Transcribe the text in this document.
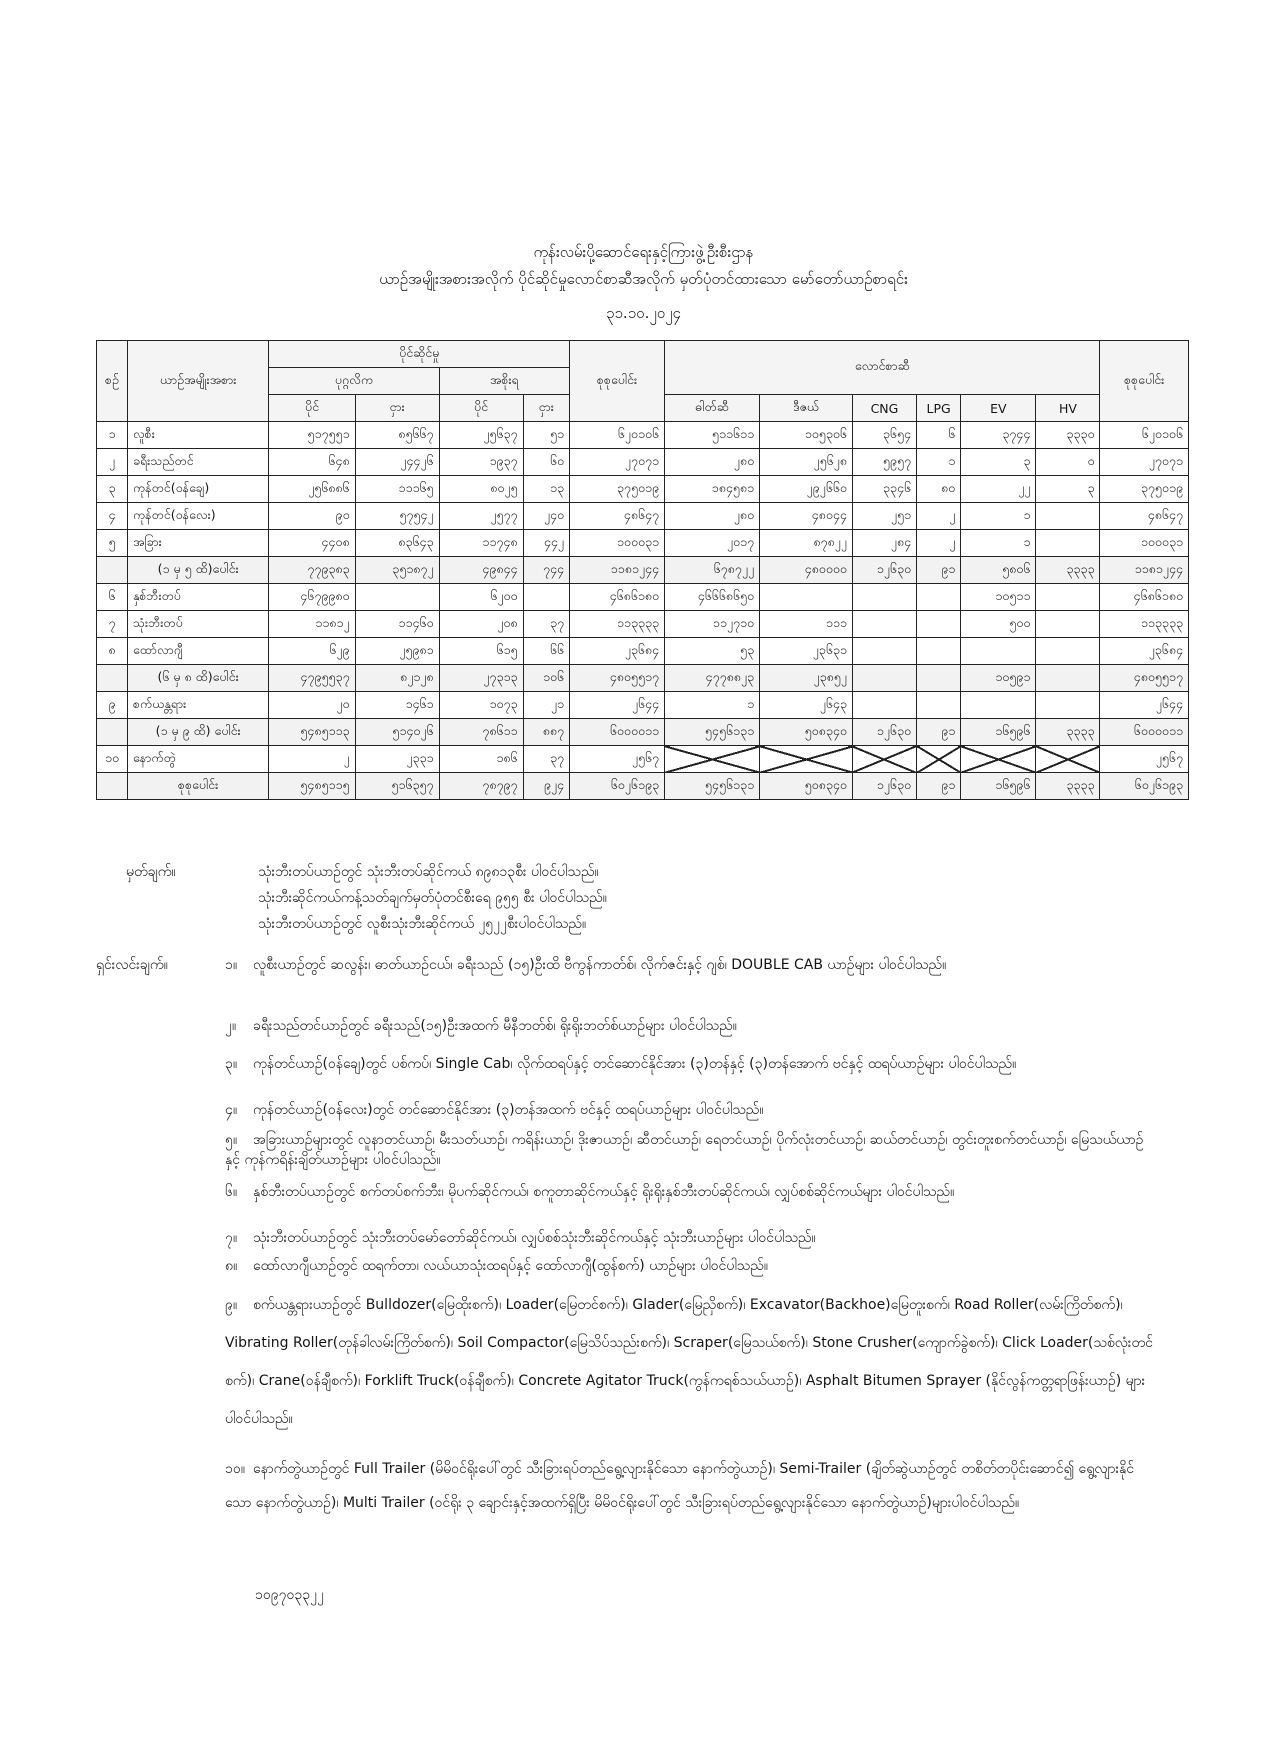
ကုန်းလမ်းပို့ဆောင်ရေးနှင့်ကြားဖွဲ့ဦးစီးဌာန
ယာဉ်အမျိုးအစားအလိုက် ပိုင်ဆိုင်မှုလောင်စာဆီအလိုက် မှတ်ပုံတင်ထားသော မော်တော်ယာဉ်စာရင်း
၃၁.၁၀.၂၀၂၄
စဉ်	ယာဉ်အမျိုးအစား	ပိုင်ဆိုင်မှု				စုစုပေါင်း	လောင်စာဆီ						စုစုပေါင်း
		ပုဂ္ဂလိက		အစိုးရ									
		ပိုင်	ငှား	ပိုင်	ငှား		ဓါတ်ဆီ	ဒီဇယ်	CNG	LPG	EV	HV	
၁	လူစီး	၅၁၇၅၅၁	၈၅၆၆၇	၂၅၆၃၇	၅၁	၆၂၀၁၀၆	၅၁၁၆၁၁	၁၀၅၃၀၆	၃၆၅၄	၆	၃၇၄၄	၃၃၃၀	၆၂၀၁၀၆
၂	ခရီးသည်တင်	၆၄၈	၂၄၄၂၆	၁၉၃၇	၆၀	၂၇၀၇၁	၂၈၀	၂၅၆၂၈	၅၉၅၇	၁	၃	၀	၂၇၀၇၁
၃	ကုန်တင်(ဝန်ချေ)	၂၅၆၈၈၆	၁၁၁၆၅	၈၀၂၅	၁၃	၃၇၅၀၁၉	၁၈၄၅၈၁	၂၉၂၆၆၀	၃၃၄၆	၈၀	၂၂	၃	၃၇၅၀၁၉
၄	ကုန်တင်(ဝန်လေး)	၉၀	၅၇၅၄၂	၂၅၇၇	၂၄၀	၄၈၆၄၇	၂၈၀	၄၈၀၄၄	၂၅၁	၂	၁		၄၈၆၄၇
၅	အခြား	၄၄၀၈	၈၃၆၄၃	၁၁၇၄၈	၄၄၂	၁၀၀၀၃၁	၂၀၁၇	၈၇၈၂၂	၂၈၄	၂	၁		၁၀၀၀၃၁
	(၁ မှ ၅ ထိ)ပေါင်း	၇၇၉၃၈၃	၃၅၁၈၇၂	၄၉၈၄၄	၇၄၄	၁၁၈၁၂၄၄	၆၇၈၇၂၂	၄၈၀၀၀၀	၁၂၆၃၀	၉၁	၅၈၀၆	၃၃၃၃	၁၁၈၁၂၄၄
၆	နှစ်ဘီးတပ်	၄၆၇၉၉၈၀		၆၂၀၀		၄၆၈၆၁၈၀	၄၆၆၆၈၆၅၀				၁၀၅၁၁		၄၆၈၆၁၈၀
၇	သုံးဘီးတပ်	၁၁၈၁၂	၁၁၄၆၀	၂၀၈	၃၇	၁၁၃၃၃၃	၁၁၂၇၁၀	၁၁၁			၅၀၀		၁၁၃၃၃၃
၈	ထော်လာဂျီ	၆၂၉	၂၅၉၈၁	၆၁၅	၆၆	၂၃၆၈၄	၅၃	၂၃၆၃၁					၂၃၆၈၄
	(၆ မှ ၈ ထိ)ပေါင်း	၄၇၉၅၅၃၇	၈၂၁၂၈	၂၇၃၁၃	၁၀၆	၄၈၀၅၅၁၇	၄၇၇၈၈၂၃	၂၃၈၅၂			၁၀၅၉၁		၄၈၀၅၅၁၇
၉	စက်ယန္တရား	၂၀	၁၄၆၁	၁၀၇၃	၂၁	၂၆၄၄	၁	၂၆၄၃					၂၆၄၄
	(၁ မှ ၉ ထိ) ပေါင်း	၅၄၈၅၁၁၃	၅၁၄၀၂၆	၇၈၆၁၁	၈၈၇	၆၀၀၀၀၁၁	၅၄၅၆၁၃၁	၅၀၈၃၄၀	၁၂၆၃၀	၉၁	၁၆၅၉၆	၃၃၃၃	၆၀၀၀၀၁၁
၁၀	နောက်တွဲ	၂	၂၃၃၁	၁၈၆	၃၇	၂၅၆၇							၂၅၆၇
	စုစုပေါင်း	၅၄၈၅၁၁၅	၅၁၆၃၅၇	၇၈၇၉၇	၉၂၄	၆၀၂၆၁၉၃	၅၄၅၆၁၃၁	၅၀၈၃၄၀	၁၂၆၃၀	၉၁	၁၆၅၉၆	၃၃၃၃	၆၀၂၆၁၉၃
မှတ်ချက်။	သုံးဘီးတပ်ယာဉ်တွင် သုံးဘီးတပ်ဆိုင်ကယ် ၈၉၈၁၃စီး ပါဝင်ပါသည်။
သုံးဘီးဆိုင်ကယ်ကန့်သတ်ချက်မှတ်ပုံတင်စီးရေ ၉၅၅ စီး ပါဝင်ပါသည်။
သုံးဘီးတပ်ယာဉ်တွင် လူစီးသုံးဘီးဆိုင်ကယ် ၂၅၂၂စီးပါဝင်ပါသည်။
ရှင်းလင်းချက်။	၁။ လူစီးယာဉ်တွင် ဆလွန်း၊ ဓာတ်ယာဉ်ငယ်၊ ခရီးသည် (၁၅)ဦးထိ ဗီကွန်ကာတ်စ်၊ လိုက်ဇင်းနှင့် ဂျစ်၊ DOUBLE CAB ယာဉ်များ ပါဝင်ပါသည်။
၂။ ခရီးသည်တင်ယာဉ်တွင် ခရီးသည်(၁၅)ဦးအထက် မီနီဘတ်စ်၊ ရိုးရိုးဘတ်စ်ယာဉ်များ ပါဝင်ပါသည်။
၃။ ကုန်တင်ယာဉ်(ဝန်ချေ)တွင် ပစ်ကပ်၊ Single Cab၊ လိုက်ထရပ်နှင့် တင်ဆောင်နိုင်အား (၃)တန်နှင့် (၃)တန်အောက် ဗင်နှင့် ထရပ်ယာဉ်များ ပါဝင်ပါသည်။
၄။ ကုန်တင်ယာဉ်(ဝန်လေး)တွင် တင်ဆောင်နိုင်အား (၃)တန်အထက် ဗင်နှင့် ထရပ်ယာဉ်များ ပါဝင်ပါသည်။
၅။ အခြားယာဉ်များတွင် လူနာတင်ယာဉ်၊ မီးသတ်ယာဉ်၊ ကရိန်းယာဉ်၊ ဒိုးဇာယာဉ်၊ ဆီတင်ယာဉ်၊ ရေတင်ယာဉ်၊ ပိုက်လုံးတင်ယာဉ်၊ ဆယ်တင်ယာဉ်၊ တွင်းတူးစက်တင်ယာဉ်၊ မြေသယ်ယာဉ်နှင့် ကုန်ကရိန်းချိတ်ယာဉ်များ ပါဝင်ပါသည်။
၆။ နှစ်ဘီးတပ်ယာဉ်တွင် စက်တပ်စက်ဘီး၊ မိုပက်ဆိုင်ကယ်၊ စကူတာဆိုင်ကယ်နှင့် ရိုးရိုးနှစ်ဘီးတပ်ဆိုင်ကယ်၊ လျှပ်စစ်ဆိုင်ကယ်များ ပါဝင်ပါသည်။
၇။ သုံးဘီးတပ်ယာဉ်တွင် သုံးဘီးတပ်မော်တော်ဆိုင်ကယ်၊ လျှပ်စစ်သုံးဘီးဆိုင်ကယ်နှင့် သုံးဘီးယာဉ်များ ပါဝင်ပါသည်။
၈။ ထော်လာဂျီယာဉ်တွင် ထရက်တာ၊ လယ်ယာသုံးထရပ်နှင့် ထော်လာဂျီ(ထွန်စက်) ယာဉ်များ ပါဝင်ပါသည်။
၉။ စက်ယန္တရားယာဉ်တွင် Bulldozer(မြေထိုးစက်)၊ Loader(မြေတင်စက်)၊ Glader(မြေညှိစက်)၊ Excavator(Backhoe)မြေတူးစက်၊ Road Roller(လမ်းကြိတ်စက်)၊ Vibrating Roller(တုန်ခါလမ်းကြိတ်စက်)၊ Soil Compactor(မြေသိပ်သည်းစက်)၊ Scraper(မြေသယ်စက်)၊ Stone Crusher(ကျောက်ခွဲစက်)၊ Click Loader(သစ်လုံးတင်စက်)၊ Crane(ဝန်ချီစက်)၊ Forklift Truck(ဝန်ချီစက်)၊ Concrete Agitator Truck(ကွန်ကရစ်သယ်ယာဉ်)၊ Asphalt Bitumen Sprayer (နိုင်လွန်ကတ္တရာဖြန်းယာဉ်) များ ပါဝင်ပါသည်။
၁၀။ နောက်တွဲယာဉ်တွင် Full Trailer (မိမိဝင်ရိုးပေါ်တွင် သီးခြားရပ်တည်ရွေ့လျားနိုင်သော နောက်တွဲယာဉ်)၊ Semi-Trailer (ချိတ်ဆွဲယာဉ်တွင် တစိတ်တပိုင်းဆောင်၍ ရွေ့လျားနိုင်သော နောက်တွဲယာဉ်)၊ Multi Trailer (ဝင်ရိုး ၃ ချောင်းနှင့်အထက်ရှိပြီး မိမိဝင်ရိုးပေါ်တွင် သီးခြားရပ်တည်ရွေ့လျားနိုင်သော နောက်တွဲယာဉ်)များပါဝင်ပါသည်။
၁၀၉၇၀၃၃၂၂
